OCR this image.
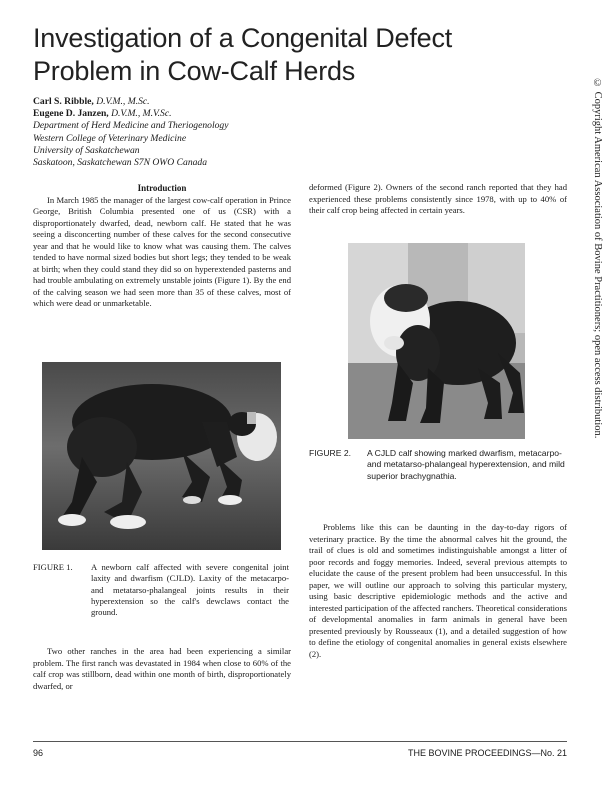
Investigation of a Congenital Defect
Problem in Cow-Calf Herds
Carl S. Ribble, D.V.M., M.Sc.
Eugene D. Janzen, D.V.M., M.V.Sc.
Department of Herd Medicine and Theriogenology
Western College of Veterinary Medicine
University of Saskatchewan
Saskatoon, Saskatchewan S7N OWO Canada

Introduction

In March 1985 the manager of the largest cow-calf operation in Prince George, British Columbia presented one of us (CSR) with a disproportionately dwarfed, dead, newborn calf. He stated that he was seeing a disconcerting number of these calves for the second consecutive year and that he would like to know what was causing them. The calves tended to have normal sized bodies but short legs; they tended to be weak at birth; when they could stand they did so on hyperextended pasterns and had trouble ambulating on extremely unstable joints (Figure 1). By the end of the calving season we had seen more than 35 of these calves, most of which were dead or unmarketable.

FIGURE 1. A newborn calf affected with severe congenital joint laxity and dwarfism (CJLD). Laxity of the metacarpo- and metatarso-phalangeal joints results in their hyperextension so the calf's dewclaws contact the ground.

Two other ranches in the area had been experiencing a similar problem. The first ranch was devastated in 1984 when close to 60% of the calf crop was stillborn, dead within one month of birth, disproportionately dwarfed, or

deformed (Figure 2). Owners of the second ranch reported that they had experienced these problems consistently since 1978, with up to 40% of their calf crop being affected in certain years.

FIGURE 2. A CJLD calf showing marked dwarfism, metacarpo- and metatarso-phalangeal hyperextension, and mild superior brachygnathia.

Problems like this can be daunting in the day-to-day rigors of veterinary practice. By the time the abnormal calves hit the ground, the trail of clues is old and sometimes indistinguishable amongst a litter of poor records and foggy memories. Indeed, several previous attempts to elucidate the cause of the present problem had been unsuccessful. In this paper, we will outline our approach to solving this particular mystery, using basic descriptive epidemiologic methods and the active and interested participation of the affected ranchers. Theoretical considerations of developmental anomalies in farm animals in general have been presented previously by Rousseaux (1), and a detailed suggestion of how to define the etiology of congenital anomalies in general exists elsewhere (2).

© Copyright American Association of Bovine Practitioners; open access distribution.
96	THE BOVINE PROCEEDINGS—No. 21
